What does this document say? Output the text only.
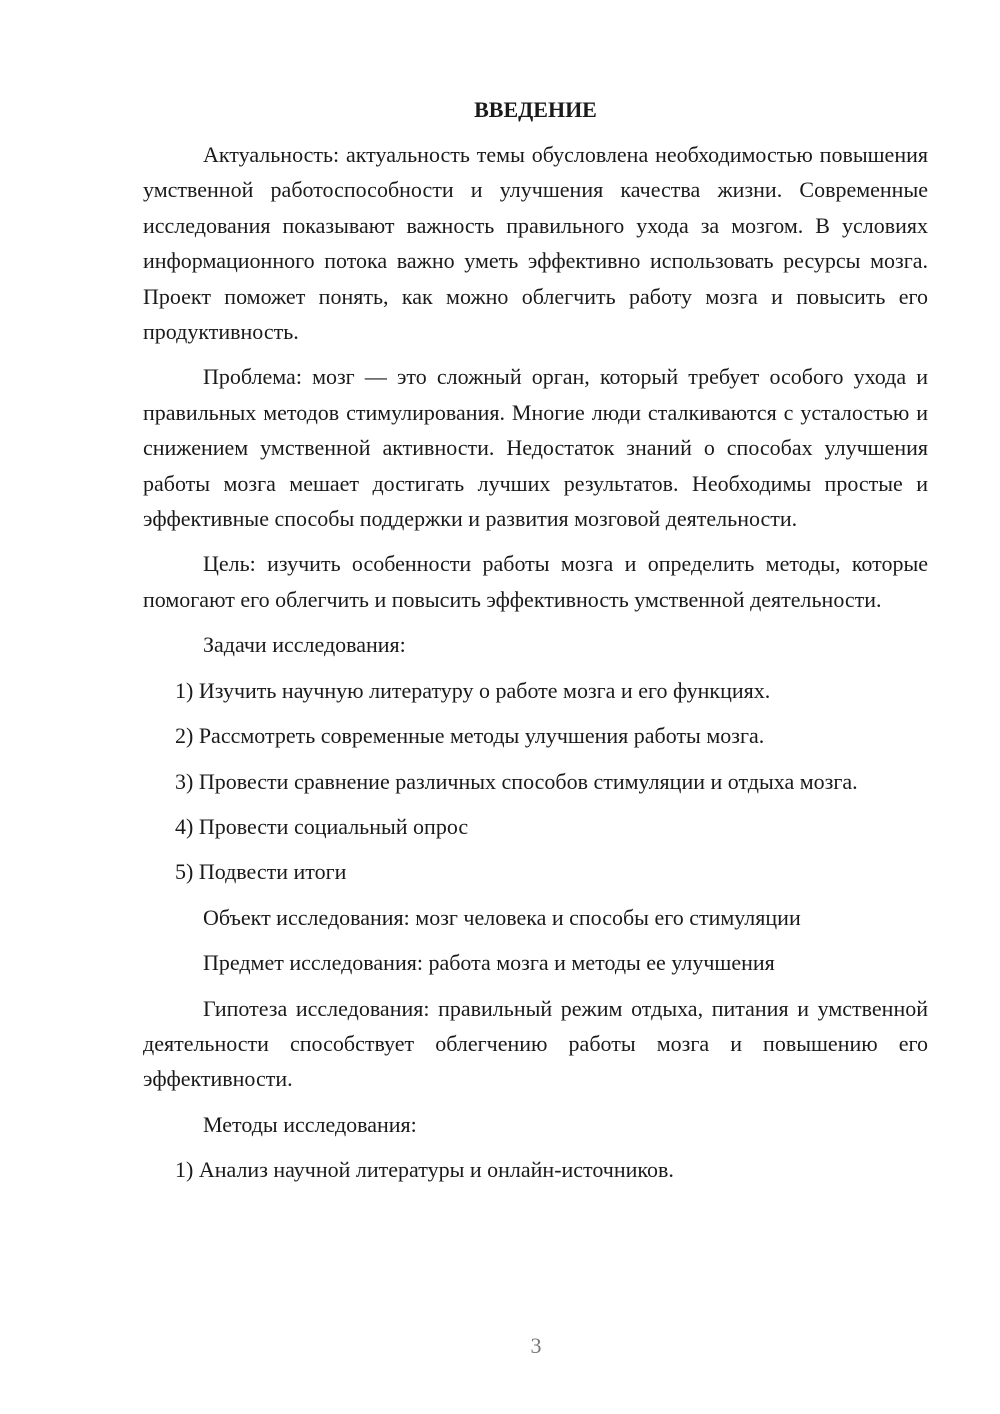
ВВЕДЕНИЕ

Актуальность: актуальность темы обусловлена необходимостью повышения умственной работоспособности и улучшения качества жизни. Современные исследования показывают важность правильного ухода за мозгом. В условиях информационного потока важно уметь эффективно использовать ресурсы мозга. Проект поможет понять, как можно облегчить работу мозга и повысить его продуктивность.

Проблема: мозг — это сложный орган, который требует особого ухода и правильных методов стимулирования. Многие люди сталкиваются с усталостью и снижением умственной активности. Недостаток знаний о способах улучшения работы мозга мешает достигать лучших результатов. Необходимы простые и эффективные способы поддержки и развития мозговой деятельности.

Цель: изучить особенности работы мозга и определить методы, которые помогают его облегчить и повысить эффективность умственной деятельности.

Задачи исследования:

1) Изучить научную литературу о работе мозга и его функциях.

2) Рассмотреть современные методы улучшения работы мозга.

3) Провести сравнение различных способов стимуляции и отдыха мозга.

4) Провести социальный опрос

5) Подвести итоги

Объект исследования: мозг человека и способы его стимуляции

Предмет исследования: работа мозга и методы ее улучшения

Гипотеза исследования: правильный режим отдыха, питания и умственной деятельности способствует облегчению работы мозга и повышению его эффективности.

Методы исследования:

1) Анализ научной литературы и онлайн-источников.

3
